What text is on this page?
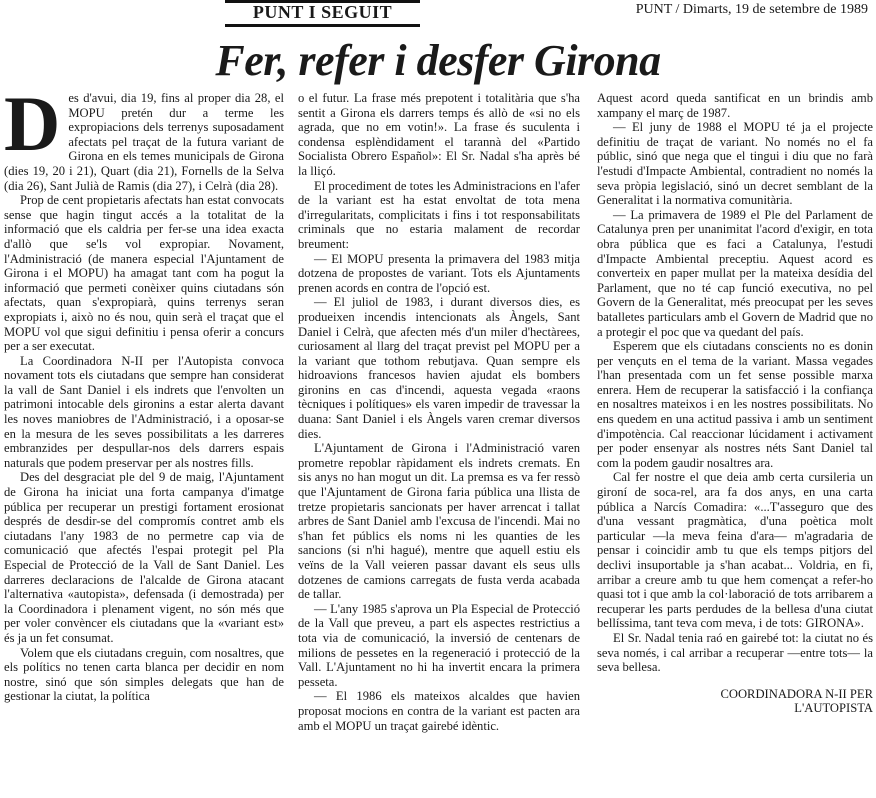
PUNT I SEGUIT	PUNT / Dimarts, 19 de setembre de 1989
Fer, refer i desfer Girona
D es d'avui, dia 19, fins al proper dia 28, el MOPU pretén dur a terme les expropiacions dels terrenys suposadament afectats pel traçat de la futura variant de Girona en els temes municipals de Girona (dies 19, 20 i 21), Quart (dia 21), Fornells de la Selva (dia 26), Sant Julià de Ramis (dia 27), i Celrà (dia 28).

Prop de cent propietaris afectats han estat convocats sense que hagin tingut accés a la totalitat de la informació que els caldria per fer-se una idea exacta d'allò que se'ls vol expropiar. Novament, l'Administració (de manera especial l'Ajuntament de Girona i el MOPU) ha amagat tant com ha pogut la informació que permeti conèixer quins ciutadans són afectats, quan s'expropiarà, quins terrenys seran expropiats i, això no és nou, quin serà el traçat que el MOPU vol que sigui definitiu i pensa oferir a concurs per a ser executat.

La Coordinadora N-II per l'Autopista convoca novament tots els ciutadans que sempre han considerat la vall de Sant Daniel i els indrets que l'envolten un patrimoni intocable dels gironins a estar alerta davant les noves maniobres de l'Administració, i a oposar-se en la mesura de les seves possibilitats a les darreres embranzides per despullar-nos dels darrers espais naturals que podem preservar per als nostres fills.

Des del desgraciat ple del 9 de maig, l'Ajuntament de Girona ha iniciat una forta campanya d'imatge pública per recuperar un prestigi fortament erosionat després de desdir-se del compromís contret amb els ciutadans l'any 1983 de no permetre cap via de comunicació que afectés l'espai protegit pel Pla Especial de Protecció de la Vall de Sant Daniel. Les darreres declaracions de l'alcalde de Girona atacant l'alternativa «autopista», defensada (i demostrada) per la Coordinadora i plenament vigent, no són més que per voler convèncer els ciutadans que la «variant est» és ja un fet consumat.

Volem que els ciutadans creguin, com nosaltres, que els polítics no tenen carta blanca per decidir en nom nostre, sinó que són simples delegats que han de gestionar la ciutat, la política

o el futur. La frase més prepotent i totalitària que s'ha sentit a Girona els darrers temps és allò de «si no els agrada, que no em votin!». La frase és suculenta i condensa esplèndidament el tarannà del «Partido Socialista Obrero Español»: El Sr. Nadal s'ha après bé la lliçó.

El procediment de totes les Administracions en l'afer de la variant est ha estat envoltat de tota mena d'irregularitats, complicitats i fins i tot responsabilitats criminals que no estaria malament de recordar breument:

— El MOPU presenta la primavera del 1983 mitja dotzena de propostes de variant. Tots els Ajuntaments prenen acords en contra de l'opció est.

— El juliol de 1983, i durant diversos dies, es produeixen incendis intencionats als Àngels, Sant Daniel i Celrà, que afecten més d'un miler d'hectàrees, curiosament al llarg del traçat previst pel MOPU per a la variant que tothom rebutjava. Quan sempre els hidroavions francesos havien ajudat els bombers gironins en cas d'incendi, aquesta vegada «raons tècniques i polítiques» els varen impedir de travessar la duana: Sant Daniel i els Àngels varen cremar diversos dies.

L'Ajuntament de Girona i l'Administració varen prometre repoblar ràpidament els indrets cremats. En sis anys no han mogut un dit. La premsa es va fer ressò que l'Ajuntament de Girona faria pública una llista de tretze propietaris sancionats per haver arrencat i tallat arbres de Sant Daniel amb l'excusa de l'incendi. Mai no s'han fet públics els noms ni les quanties de les sancions (si n'hi hagué), mentre que aquell estiu els veïns de la Vall veieren passar davant els seus ulls dotzenes de camions carregats de fusta verda acabada de tallar.

— L'any 1985 s'aprova un Pla Especial de Protecció de la Vall que preveu, a part els aspectes restrictius a tota via de comunicació, la inversió de centenars de milions de pessetes en la regeneració i protecció de la Vall. L'Ajuntament no hi ha invertit encara la primera pesseta.

— El 1986 els mateixos alcaldes que havien proposat mocions en contra de la variant est pacten ara amb el MOPU un traçat gairebé idèntic.

Aquest acord queda santificat en un brindis amb xampany el març de 1987.

— El juny de 1988 el MOPU té ja el projecte definitiu de traçat de variant. No només no el fa públic, sinó que nega que el tingui i diu que no farà l'estudi d'Impacte Ambiental, contradient no només la seva pròpia legislació, sinó un decret semblant de la Generalitat i la normativa comunitària.

— La primavera de 1989 el Ple del Parlament de Catalunya pren per unanimitat l'acord d'exigir, en tota obra pública que es faci a Catalunya, l'estudi d'Impacte Ambiental preceptiu. Aquest acord es converteix en paper mullat per la mateixa desídia del Parlament, que no té cap funció executiva, no pel Govern de la Generalitat, més preocupat per les seves batalletes particulars amb el Govern de Madrid que no a protegir el poc que va quedant del país.

Esperem que els ciutadans conscients no es donin per vençuts en el tema de la variant. Massa vegades l'han presentada com un fet sense possible marxa enrera. Hem de recuperar la satisfacció i la confiança en nosaltres mateixos i en les nostres possibilitats. No ens quedem en una actitud passiva i amb un sentiment d'impotència. Cal reaccionar lúcidament i activament per poder ensenyar als nostres néts Sant Daniel tal com la podem gaudir nosaltres ara.

Cal fer nostre el que deia amb certa cursileria un gironí de soca-rel, ara fa dos anys, en una carta pública a Narcís Comadira: «...T'asseguro que des d'una vessant pragmàtica, d'una poètica molt particular —la meva feina d'ara— m'agradaria de pensar i coincidir amb tu que els temps pitjors del declivi insuportable ja s'han acabat... Voldria, en fi, arribar a creure amb tu que hem començat a refer-ho quasi tot i que amb la col·laboració de tots arribarem a recuperar les parts perdudes de la bellesa d'una ciutat bellíssima, tant teva com meva, i de tots: GIRONA».

El Sr. Nadal tenia raó en gairebé tot: la ciutat no és seva només, i cal arribar a recuperar —entre tots— la seva bellesa.

COORDINADORA N-II PER
L'AUTOPISTA
